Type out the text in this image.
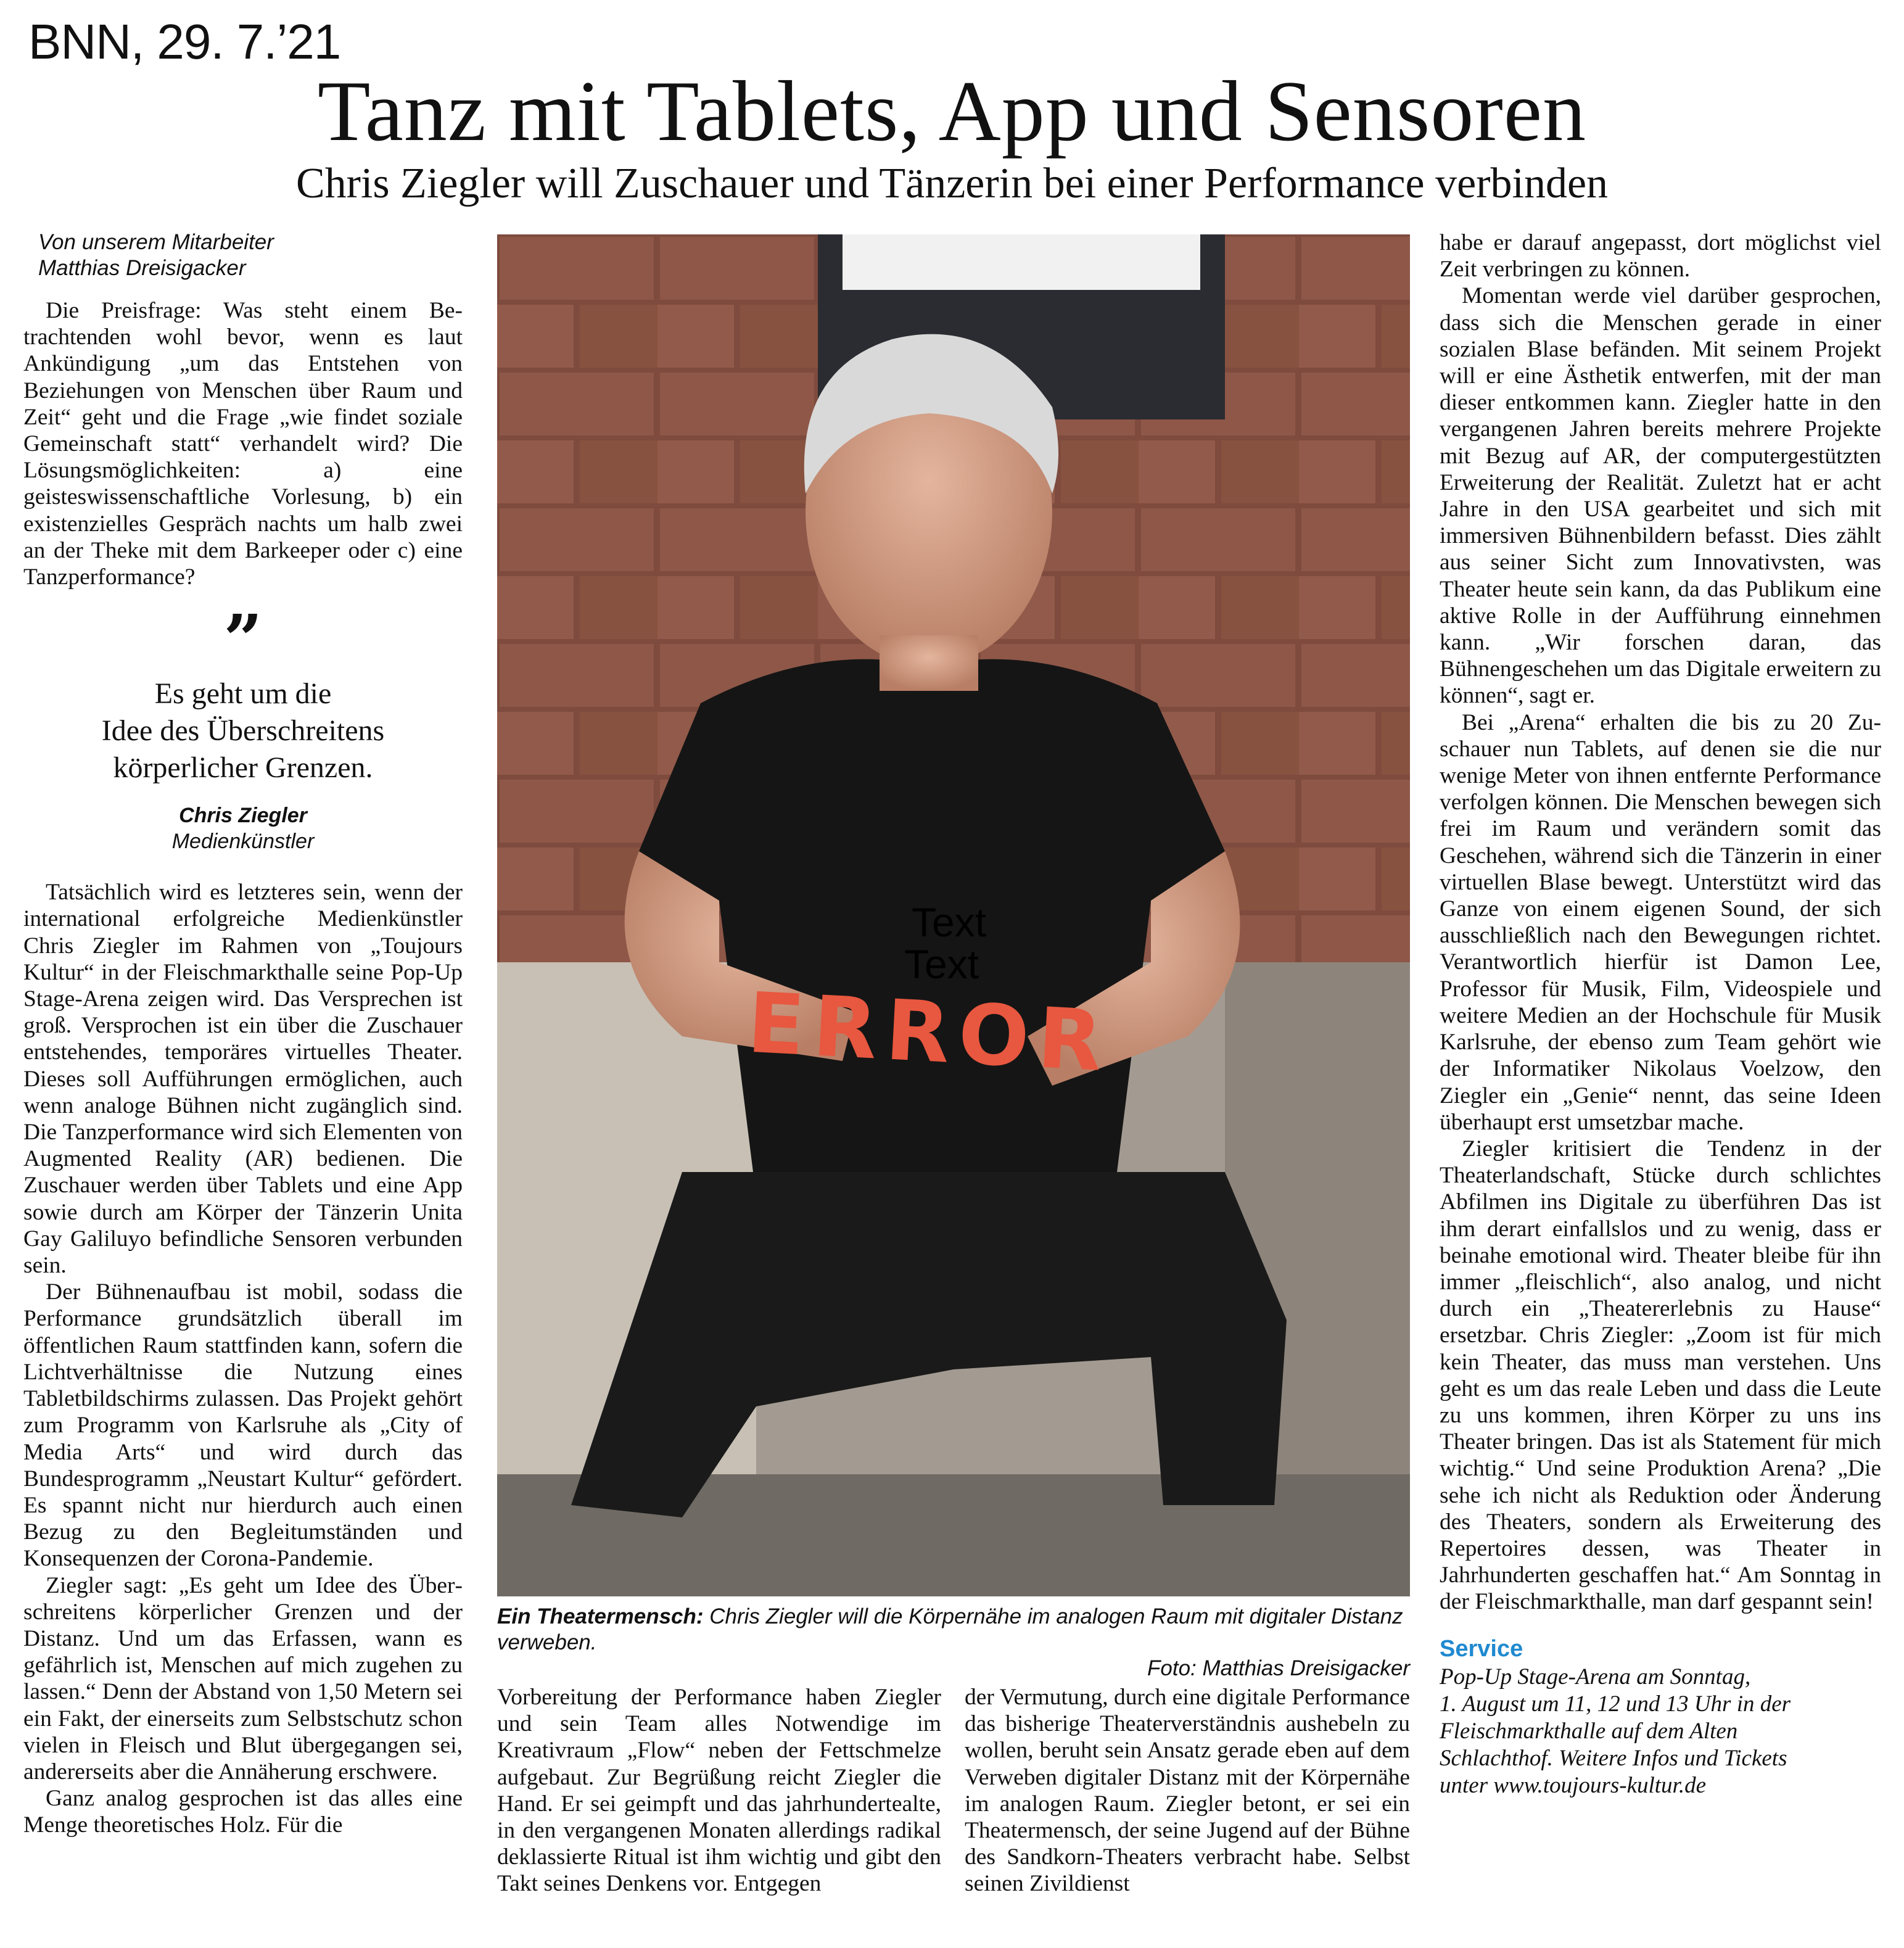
BNN, 29. 7.’21
Tanz mit Tablets, App und Sensoren
Chris Ziegler will Zuschauer und Tänzerin bei einer Performance verbinden
Von unserem Mitarbeiter
Matthias Dreisigacker

Die Preisfrage: Was steht einem Betrachtenden wohl bevor, wenn es laut Ankündigung „um das Entstehen von Beziehungen von Menschen über Raum und Zeit“ geht und die Frage „wie findet soziale Gemeinschaft statt“ verhandelt wird? Die Lösungsmöglichkeiten: a) eine geisteswissenschaftliche Vorlesung, b) ein existenzielles Gespräch nachts um halb zwei an der Theke mit dem Barkeeper oder c) eine Tanzperformance?

”
Es geht um die
Idee des Überschreitens
körperlicher Grenzen.
Chris Ziegler
Medienkünstler

Tatsächlich wird es letzteres sein, wenn der international erfolgreiche Medienkünstler Chris Ziegler im Rahmen von „Toujours Kultur“ in der Fleischmarkthalle seine Pop-Up Stage-Arena zeigen wird. Das Versprechen ist groß. Versprochen ist ein über die Zuschauer entstehendes, temporäres virtuelles Theater. Dieses soll Aufführungen ermöglichen, auch wenn analoge Bühnen nicht zugänglich sind. Die Tanzperformance wird sich Elementen von Augmented Reality (AR) bedienen. Die Zuschauer werden über Tablets und eine App sowie durch am Körper der Tänzerin Unita Gay Galiluyo befindliche Sensoren verbunden sein.

Der Bühnenaufbau ist mobil, sodass die Performance grundsätzlich überall im öffentlichen Raum stattfinden kann, sofern die Lichtverhältnisse die Nutzung eines Tabletbildschirms zulassen. Das Projekt gehört zum Programm von Karlsruhe als „City of Media Arts“ und wird durch das Bundesprogramm „Neustart Kultur“ gefördert. Es spannt nicht nur hierdurch auch einen Bezug zu den Begleitumständen und Konsequenzen der Corona-Pandemie.

Ziegler sagt: „Es geht um Idee des Überschreitens körperlicher Grenzen und der Distanz. Und um das Erfassen, wann es gefährlich ist, Menschen auf mich zugehen zu lassen.“ Denn der Abstand von 1,50 Metern sei ein Fakt, der einerseits zum Selbstschutz schon vielen in Fleisch und Blut übergegangen sei, andererseits aber die Annäherung erschwere.

Ganz analog gesprochen ist das alles eine Menge theoretisches Holz. Für die

ERROR
Text
Text
Ein Theatermensch: Chris Ziegler will die Körpernähe im analogen Raum mit digitaler Distanz verweben.
Foto: Matthias Dreisigacker

Vorbereitung der Performance haben Ziegler und sein Team alles Notwendige im Kreativraum „Flow“ neben der Fettschmelze aufgebaut. Zur Begrüßung reicht Ziegler die Hand. Er sei geimpft und das jahrhundertealte, in den vergangenen Monaten allerdings radikal deklassierte Ritual ist ihm wichtig und gibt den Takt seines Denkens vor. Entgegen

der Vermutung, durch eine digitale Performance das bisherige Theaterverständnis aushebeln zu wollen, beruht sein Ansatz gerade eben auf dem Verweben digitaler Distanz mit der Körpernähe im analogen Raum. Ziegler betont, er sei ein Theatermensch, der seine Jugend auf der Bühne des Sandkorn-Theaters verbracht habe. Selbst seinen Zivildienst

habe er darauf angepasst, dort möglichst viel Zeit verbringen zu können.

Momentan werde viel darüber gesprochen, dass sich die Menschen gerade in einer sozialen Blase befänden. Mit seinem Projekt will er eine Ästhetik entwerfen, mit der man dieser entkommen kann. Ziegler hatte in den vergangenen Jahren bereits mehrere Projekte mit Bezug auf AR, der computergestützten Erweiterung der Realität. Zuletzt hat er acht Jahre in den USA gearbeitet und sich mit immersiven Bühnenbildern befasst. Dies zählt aus seiner Sicht zum Innovativsten, was Theater heute sein kann, da das Publikum eine aktive Rolle in der Aufführung einnehmen kann. „Wir forschen daran, das Bühnengeschehen um das Digitale erweitern zu können“, sagt er.

Bei „Arena“ erhalten die bis zu 20 Zuschauer nun Tablets, auf denen sie die nur wenige Meter von ihnen entfernte Performance verfolgen können. Die Menschen bewegen sich frei im Raum und verändern somit das Geschehen, während sich die Tänzerin in einer virtuellen Blase bewegt. Unterstützt wird das Ganze von einem eigenen Sound, der sich ausschließlich nach den Bewegungen richtet. Verantwortlich hierfür ist Damon Lee, Professor für Musik, Film, Videospiele und weitere Medien an der Hochschule für Musik Karlsruhe, der ebenso zum Team gehört wie der Informatiker Nikolaus Voelzow, den Ziegler ein „Genie“ nennt, das seine Ideen überhaupt erst umsetzbar mache.

Ziegler kritisiert die Tendenz in der Theaterlandschaft, Stücke durch schlichtes Abfilmen ins Digitale zu überführen Das ist ihm derart einfallslos und zu wenig, dass er beinahe emotional wird. Theater bleibe für ihn immer „fleischlich“, also analog, und nicht durch ein „Theatererlebnis zu Hause“ ersetzbar. Chris Ziegler: „Zoom ist für mich kein Theater, das muss man verstehen. Uns geht es um das reale Leben und dass die Leute zu uns kommen, ihren Körper zu uns ins Theater bringen. Das ist als Statement für mich wichtig.“ Und seine Produktion Arena? „Die sehe ich nicht als Reduktion oder Änderung des Theaters, sondern als Erweiterung des Repertoires dessen, was Theater in Jahrhunderten geschaffen hat.“ Am Sonntag in der Fleischmarkthalle, man darf gespannt sein!

Service
Pop-Up Stage-Arena am Sonntag,
1. August um 11, 12 und 13 Uhr in der
Fleischmarkthalle auf dem Alten
Schlachthof. Weitere Infos und Tickets
unter www.toujours-kultur.de
